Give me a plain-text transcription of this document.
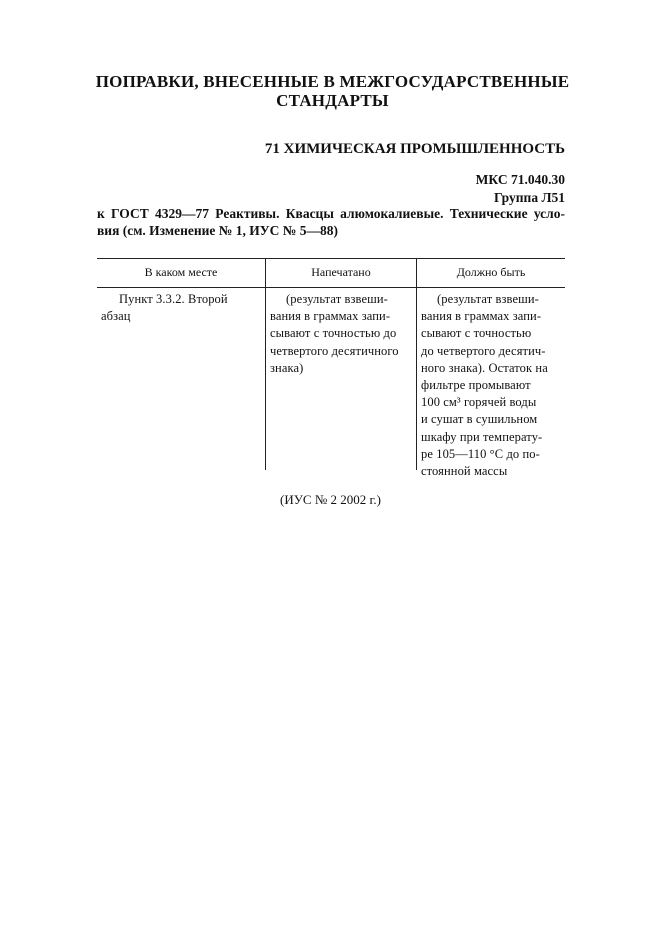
ПОПРАВКИ, ВНЕСЕННЫЕ В МЕЖГОСУДАРСТВЕННЫЕ
СТАНДАРТЫ
71 ХИМИЧЕСКАЯ ПРОМЫШЛЕННОСТЬ
МКС 71.040.30
Группа Л51
к ГОСТ 4329—77 Реактивы. Квасцы алюмокалиевые. Технические усло-
вия (см. Изменение № 1, ИУС № 5—88)
В каком месте	Напечатано	Должно быть
Пункт 3.3.2. Второй
абзац
(результат взвеши-
вания в граммах запи-
сывают с точностью до
четвертого десятичного
знака)
(результат взвеши-
вания в граммах запи-
сывают с точностью
до четвертого десятич-
ного знака). Остаток на
фильтре промывают
100 см³ горячей воды
и сушат в сушильном
шкафу при температу-
ре 105—110 °С до по-
стоянной массы
(ИУС № 2 2002 г.)
